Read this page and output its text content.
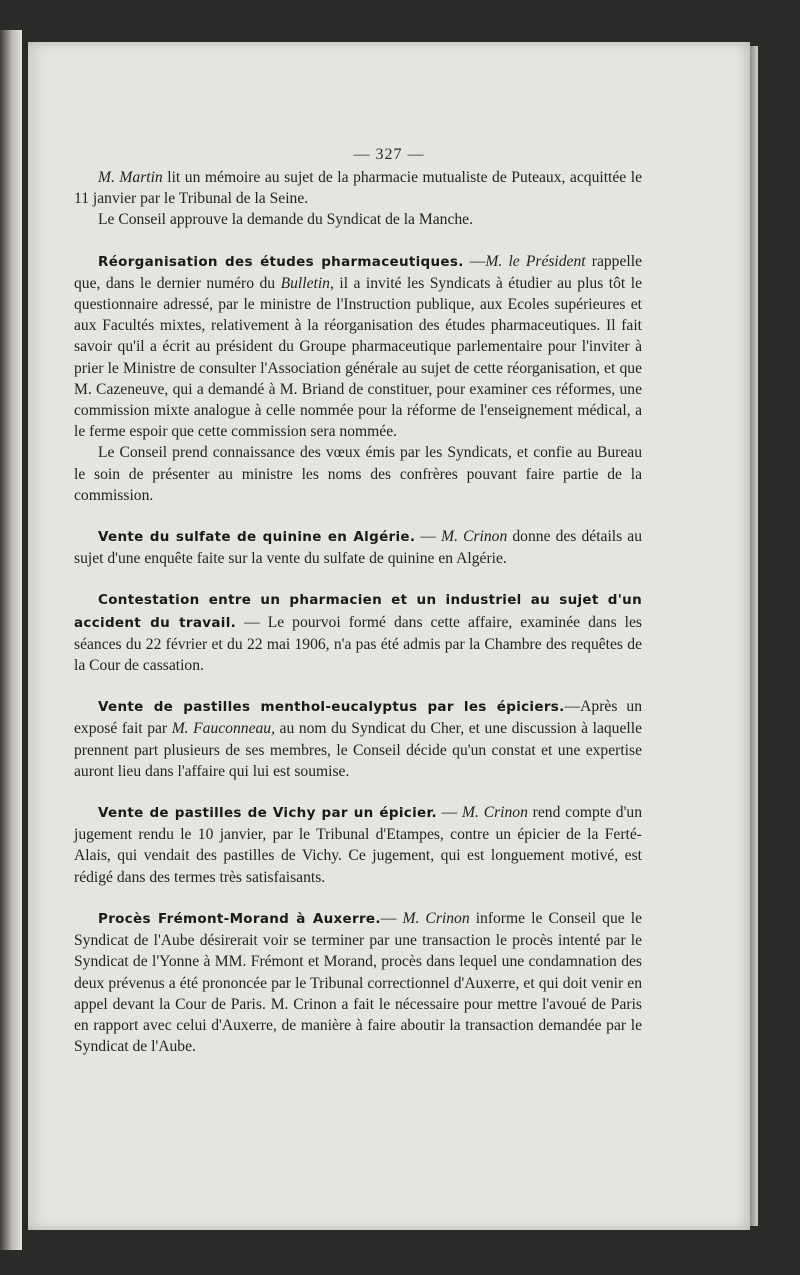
— 327 —

M. Martin lit un mémoire au sujet de la pharmacie mutualiste de Puteaux, acquittée le 11 janvier par le Tribunal de la Seine.

Le Conseil approuve la demande du Syndicat de la Manche.

Réorganisation des études pharmaceutiques. —M. le Président rappelle que, dans le dernier numéro du Bulletin, il a invité les Syndicats à étudier au plus tôt le questionnaire adressé, par le ministre de l'Instruction publique, aux Ecoles supérieures et aux Facultés mixtes, relativement à la réorganisation des études pharmaceutiques. Il fait savoir qu'il a écrit au président du Groupe pharmaceutique parlementaire pour l'inviter à prier le Ministre de consulter l'Association générale au sujet de cette réorganisation, et que M. Cazeneuve, qui a demandé à M. Briand de constituer, pour examiner ces réformes, une commission mixte analogue à celle nommée pour la réforme de l'enseignement médical, a le ferme espoir que cette commission sera nommée.

Le Conseil prend connaissance des vœux émis par les Syndicats, et confie au Bureau le soin de présenter au ministre les noms des confrères pouvant faire partie de la commission.

Vente du sulfate de quinine en Algérie. — M. Crinon donne des détails au sujet d'une enquête faite sur la vente du sulfate de quinine en Algérie.

Contestation entre un pharmacien et un industriel au sujet d'un accident du travail. — Le pourvoi formé dans cette affaire, examinée dans les séances du 22 février et du 22 mai 1906, n'a pas été admis par la Chambre des requêtes de la Cour de cassation.

Vente de pastilles menthol-eucalyptus par les épiciers.—Après un exposé fait par M. Fauconneau, au nom du Syndicat du Cher, et une discussion à laquelle prennent part plusieurs de ses membres, le Conseil décide qu'un constat et une expertise auront lieu dans l'affaire qui lui est soumise.

Vente de pastilles de Vichy par un épicier. — M. Crinon rend compte d'un jugement rendu le 10 janvier, par le Tribunal d'Etampes, contre un épicier de la Ferté-Alais, qui vendait des pastilles de Vichy. Ce jugement, qui est longuement motivé, est rédigé dans des termes très satisfaisants.

Procès Frémont-Morand à Auxerre.— M. Crinon informe le Conseil que le Syndicat de l'Aube désirerait voir se terminer par une transaction le procès intenté par le Syndicat de l'Yonne à MM. Frémont et Morand, procès dans lequel une condamnation des deux prévenus a été prononcée par le Tribunal correctionnel d'Auxerre, et qui doit venir en appel devant la Cour de Paris. M. Crinon a fait le nécessaire pour mettre l'avoué de Paris en rapport avec celui d'Auxerre, de manière à faire aboutir la transaction demandée par le Syndicat de l'Aube.
